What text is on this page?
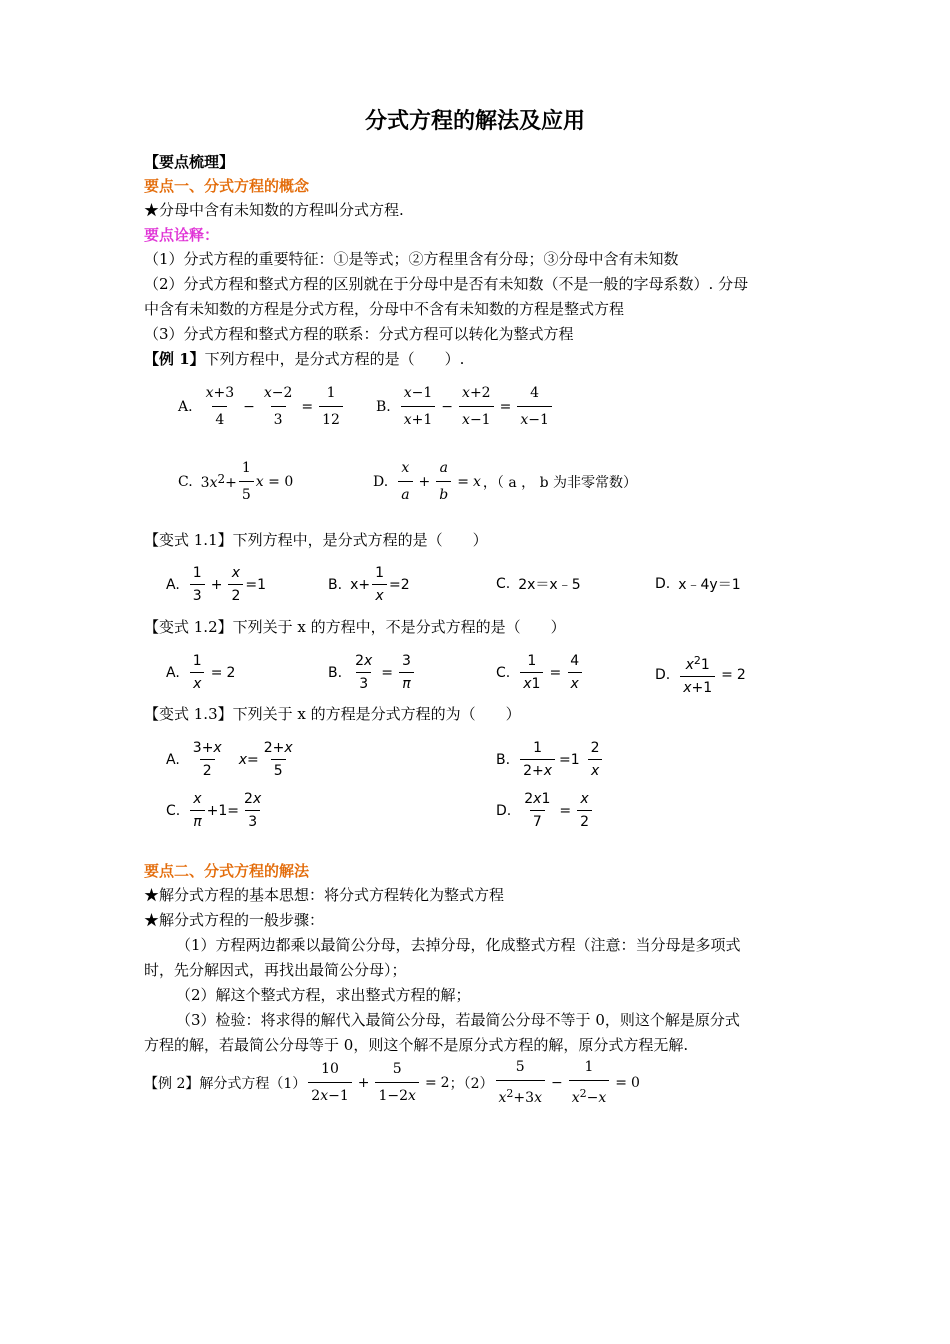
分式方程的解法及应用
【要点梳理】
要点一、分式方程的概念
★分母中含有未知数的方程叫分式方程.
要点诠释：
（1）分式方程的重要特征：①是等式；②方程里含有分母；③分母中含有未知数
（2）分式方程和整式方程的区别就在于分母中是否有未知数（不是一般的字母系数）. 分母
中含有未知数的方程是分式方程，分母中不含有未知数的方程是整式方程
（3）分式方程和整式方程的联系：分式方程可以转化为整式方程
【例 1】下列方程中，是分式方程的是（　　）.
A. $\frac{x+3}{4} - \frac{x-2}{3} = \frac{1}{12} B$. $\frac{x-1}{x+1} - \frac{x+2}{x-1} = \frac{4}{x-1}$
C. $3x2+ \frac{1}{5}$ x = 0	D. $\frac{x}{a} + \frac{a}{b} = x$ ，（ a ， b 为非零常数）
【变式 1.1】下列方程中，是分式方程的是（　　）
A. $\frac{1}{3} + \frac{x}{2} =1$	B. $x+ \frac{1}{x} =2$	C. 2x＝x﹣5	D. x﹣4y＝1
【变式 1.2】下列关于 x 的方程中，不是分式方程的是（　　）
A. $\frac{1}{x} = 2$	B. $\frac{2x}{3} = \frac{3}{\pi}$	C. $\frac{1}{x1} = \frac{4}{x}$	D. $\frac{x^21}{x+1} = 2$
【变式 1.3】下列关于 x 的方程是分式方程的为（　　）
A. $\frac{3+x}{2} x= \frac{2+x}{5}$	B. $\frac{1}{2+x} =1 \frac{2}{x}$
C. $\frac{x}{\pi} +1= \frac{2x}{3}$	D. $\frac{2x1}{7} = \frac{x}{2}$
要点二、分式方程的解法
★解分式方程的基本思想：将分式方程转化为整式方程
★解分式方程的一般步骤：
（1）方程两边都乘以最简公分母，去掉分母，化成整式方程（注意：当分母是多项式
时，先分解因式，再找出最简公分母）；
（2）解这个整式方程，求出整式方程的解；
（3）检验：将求得的解代入最简公分母，若最简公分母不等于 0，则这个解是原分式
方程的解，若最简公分母等于 0，则这个解不是原分式方程的解，原分式方程无解.
【例 2】 解分式方程$(1) \frac{10}{2x-1} + \frac{5}{1-2x} = 2$ ；$(2) \frac{5}{x^2+3x} - \frac{1}{x^2-x} = 0$
